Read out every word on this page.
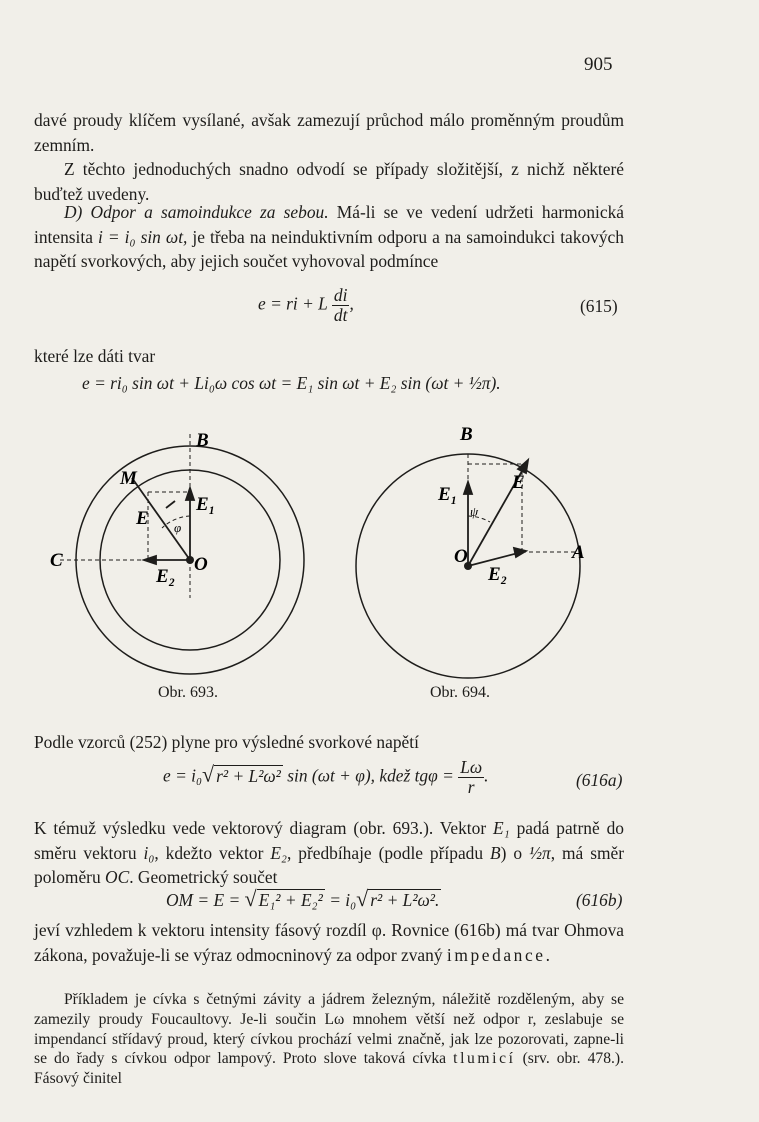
905
davé proudy klíčem vysílané, avšak zamezují průchod málo proměnným proudům zemním.
Z těchto jednoduchých snadno odvodí se případy složitější, z nichž některé buďtež uvedeny.
D) Odpor a samoindukce za sebou. Má-li se ve vedení udržeti harmonická intensita i = i₀ sin ωt, je třeba na neinduktivním odporu a na samoindukci takových napětí svorkových, aby jejich součet vyhovoval podmínce
e = ri + L $\frac{di}{dt}$ ,	(615)
které lze dáti tvar
e = ri₀ sin ωt + Li₀ω cos ωt = E₁ sin ωt + E₂ sin (ωt + ½π).
B
M
E
E₁
φ
C	O
E₂
B
E₁
E
ψ
O	A
E₂
Obr. 693.	Obr. 694.
Podle vzorců (252) plyne pro výsledné svorkové napětí
e = i₀√ r² + L²ω² sin (ωt + φ), kdež $tg\varphi = \frac{L\omega}{r}$ .	(616a)
K témuž výsledku vede vektorový diagram (obr. 693.). Vektor E₁ padá patrně do směru vektoru i₀, kdežto vektor E₂, předbíhaje (podle případu B) o ½π, má směr poloměru OC. Geometrický součet
OM = E = √ E₁² + E₂² = i₀√ r² + L²ω².	(616b)
jeví vzhledem k vektoru intensity fásový rozdíl φ. Rovnice (616b) má tvar Ohmova zákona, považuje-li se výraz odmocninový za odpor zvaný impedance.
Příkladem je cívka s četnými závity a jádrem železným, náležitě rozděleným, aby se zamezily proudy Foucaultovy. Je-li součin Lω mnohem větší než odpor r, zeslabuje se impendancí střídavý proud, který cívkou prochází velmi značně, jak lze pozorovati, zapne-li se do řady s cívkou odpor lampový. Proto slove taková cívka tlumicí (srv. obr. 478.). Fásový činitel
